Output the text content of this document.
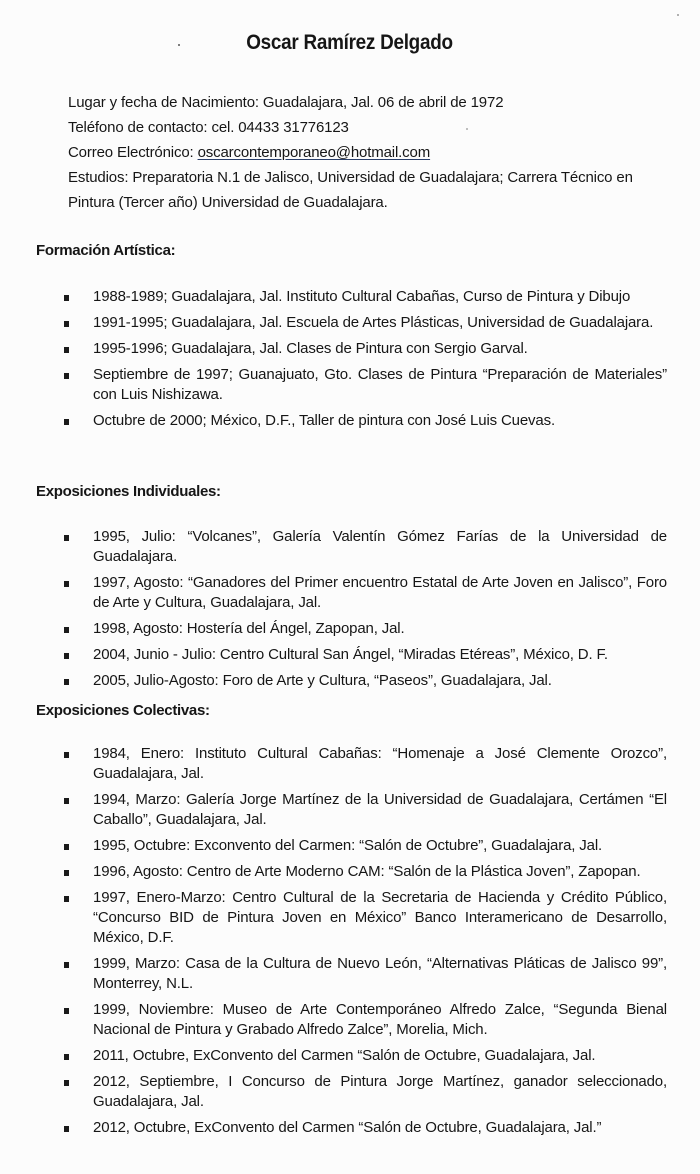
Oscar Ramírez Delgado
Lugar y fecha de Nacimiento: Guadalajara, Jal. 06 de abril de 1972
Teléfono de contacto: cel. 04433 31776123
Correo Electrónico: oscarcontemporaneo@hotmail.com
Estudios: Preparatoria N.1 de Jalisco, Universidad de Guadalajara; Carrera Técnico en Pintura (Tercer año) Universidad de Guadalajara.
Formación Artística:
1988-1989; Guadalajara, Jal. Instituto Cultural Cabañas, Curso de Pintura y Dibujo
1991-1995; Guadalajara, Jal. Escuela de Artes Plásticas, Universidad de Guadalajara.
1995-1996; Guadalajara, Jal. Clases de Pintura con Sergio Garval.
Septiembre de 1997; Guanajuato, Gto. Clases de Pintura “Preparación de Materiales” con Luis Nishizawa.
Octubre de 2000; México, D.F., Taller de pintura con José Luis Cuevas.
Exposiciones Individuales:
1995, Julio: “Volcanes”, Galería Valentín Gómez Farías de la Universidad de Guadalajara.
1997, Agosto: “Ganadores del Primer encuentro Estatal de Arte Joven en Jalisco”, Foro de Arte y Cultura, Guadalajara, Jal.
1998, Agosto: Hostería del Ángel, Zapopan, Jal.
2004, Junio - Julio: Centro Cultural San Ángel, “Miradas Etéreas”, México, D. F.
2005, Julio-Agosto: Foro de Arte y Cultura, “Paseos”, Guadalajara, Jal.
Exposiciones Colectivas:
1984, Enero: Instituto Cultural Cabañas: “Homenaje a José Clemente Orozco”, Guadalajara, Jal.
1994, Marzo: Galería Jorge Martínez de la Universidad de Guadalajara, Certámen “El Caballo”, Guadalajara, Jal.
1995, Octubre: Exconvento del Carmen: “Salón de Octubre”, Guadalajara, Jal.
1996, Agosto: Centro de Arte Moderno CAM: “Salón de la Plástica Joven”, Zapopan.
1997, Enero-Marzo: Centro Cultural de la Secretaria de Hacienda y Crédito Público, “Concurso BID de Pintura Joven en México” Banco Interamericano de Desarrollo, México, D.F.
1999, Marzo: Casa de la Cultura de Nuevo León, “Alternativas Pláticas de Jalisco 99”, Monterrey, N.L.
1999, Noviembre: Museo de Arte Contemporáneo Alfredo Zalce, “Segunda Bienal Nacional de Pintura y Grabado Alfredo Zalce”, Morelia, Mich.
2011, Octubre, ExConvento del Carmen “Salón de Octubre, Guadalajara, Jal.
2012, Septiembre, I Concurso de Pintura Jorge Martínez, ganador seleccionado, Guadalajara, Jal.
2012, Octubre, ExConvento del Carmen “Salón de Octubre, Guadalajara, Jal.”
